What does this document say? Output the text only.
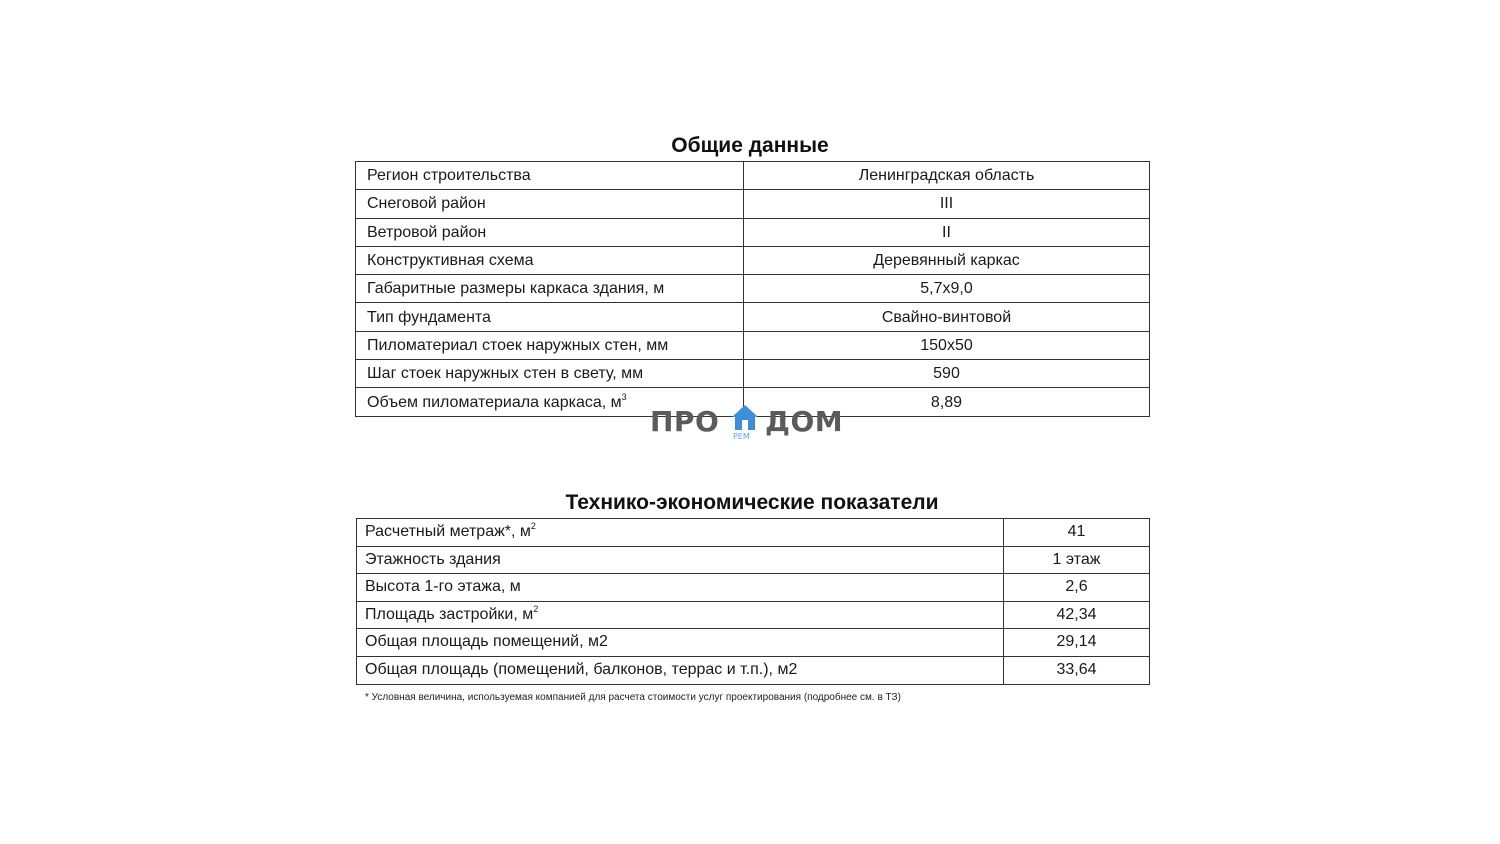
Общие данные
Регион строительства	Ленинградская область
Снеговой район	III
Ветровой район	II
Конструктивная схема	Деревянный каркас
Габаритные размеры каркаса здания, м	5,7x9,0
Тип фундамента	Свайно-винтовой
Пиломатериал стоек наружных стен, мм	150x50
Шаг стоек наружных стен в свету, мм	590
Объем пиломатериала каркаса, $м^3$	8,89
ПРО РЕМ ДОМ
Технико-экономические показатели
Расчетный метраж*, $м^2$	41
Этажность здания	1 этаж
Высота 1-го этажа, м	2,6
Площадь застройки, $м^2$	42,34
Общая площадь помещений, м2	29,14
Общая площадь (помещений, балконов, террас и т.п.), м2	33,64
* Условная величина, используемая компанией для расчета стоимости услуг проектирования (подробнее см. в ТЗ)
